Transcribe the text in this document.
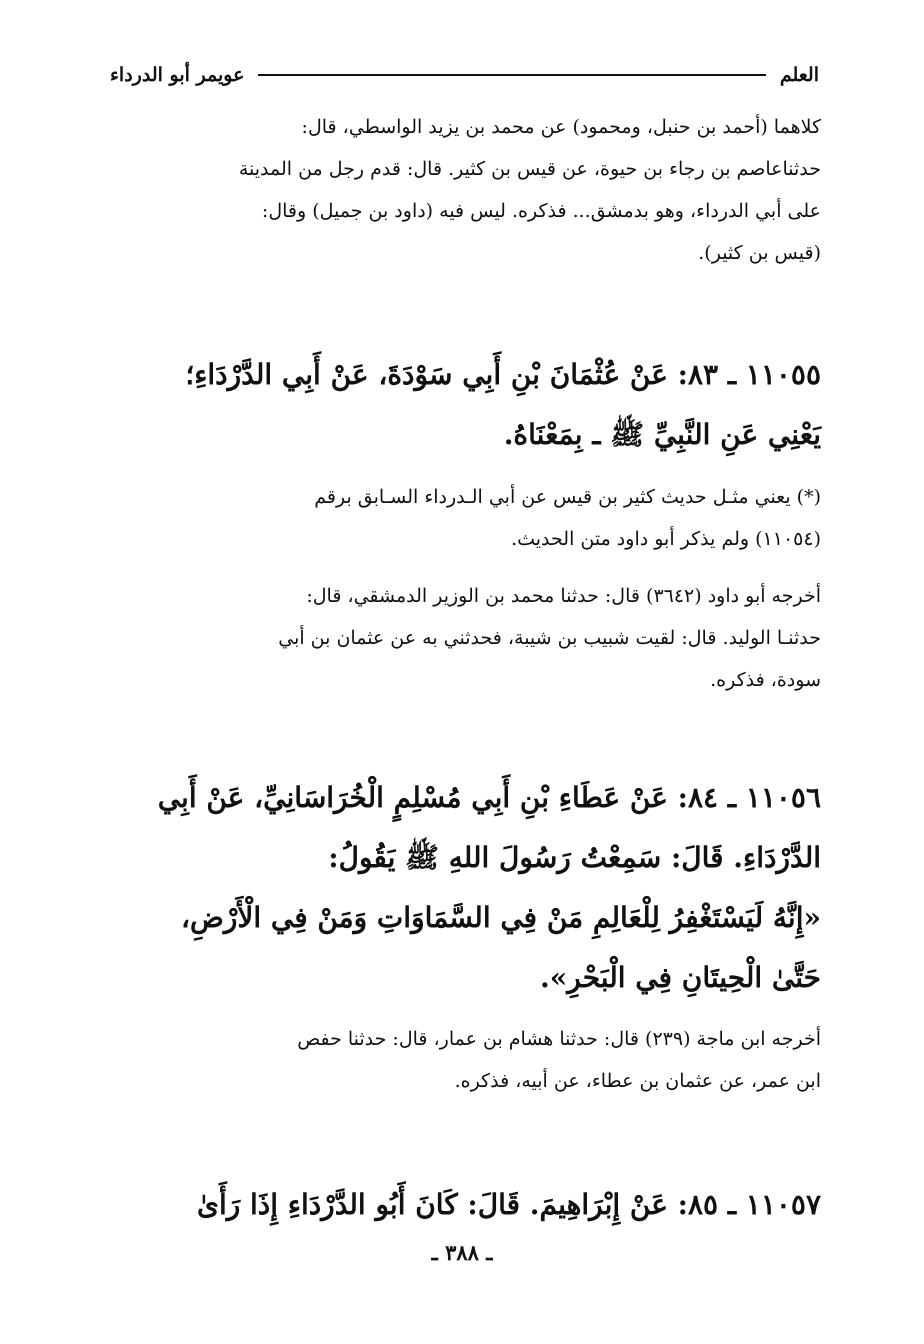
العلم
عويمر أبو الدرداء

كلاهما (أحمد بن حنبل، ومحمود) عن محمد بن يزيد الواسطي، قال:

حدثناعاصم بن رجاء بن حيوة، عن قيس بن كثير. قال: قدم رجل من المدينة

على أبي الدرداء، وهو بدمشق... فذكره. ليس فيه (داود بن جميل) وقال:

(قيس بن كثير).

١١٠٥٥ ـ ٨٣: عَنْ عُثْمَانَ بْنِ أَبِي سَوْدَةَ، عَنْ أَبِي الدَّرْدَاءِ؛

يَعْنِي عَنِ النَّبِيِّ ﷺ ـ بِمَعْنَاهُ.

(*) يعني مثـل حديث كثير بن قيس عن أبي الـدرداء السـابق برقم

(١١٠٥٤) ولم يذكر أبو داود متن الحديث.

أخرجه أبو داود (٣٦٤٢) قال: حدثنا محمد بن الوزير الدمشقي، قال:

حدثنـا الوليد. قال: لقيت شبيب بن شيبة، فحدثني به عن عثمان بن أبي

سودة، فذكره.

١١٠٥٦ ـ ٨٤: عَنْ عَطَاءِ بْنِ أَبِي مُسْلِمٍ الْخُرَاسَانِيِّ، عَنْ أَبِي

الدَّرْدَاءِ. قَالَ: سَمِعْتُ رَسُولَ اللهِ ﷺ يَقُولُ:

«إِنَّهُ لَيَسْتَغْفِرُ لِلْعَالِمِ مَنْ فِي السَّمَاوَاتِ وَمَنْ فِي الْأَرْضِ،

حَتَّىٰ الْحِيتَانِ فِي الْبَحْرِ».

أخرجه ابن ماجة (٢٣٩) قال: حدثنا هشام بن عمار، قال: حدثنا حفص

ابن عمر، عن عثمان بن عطاء، عن أبيه، فذكره.

١١٠٥٧ ـ ٨٥: عَنْ إِبْرَاهِيمَ. قَالَ: كَانَ أَبُو الدَّرْدَاءِ إِذَا رَأَىٰ

ـ ٣٨٨ ـ
